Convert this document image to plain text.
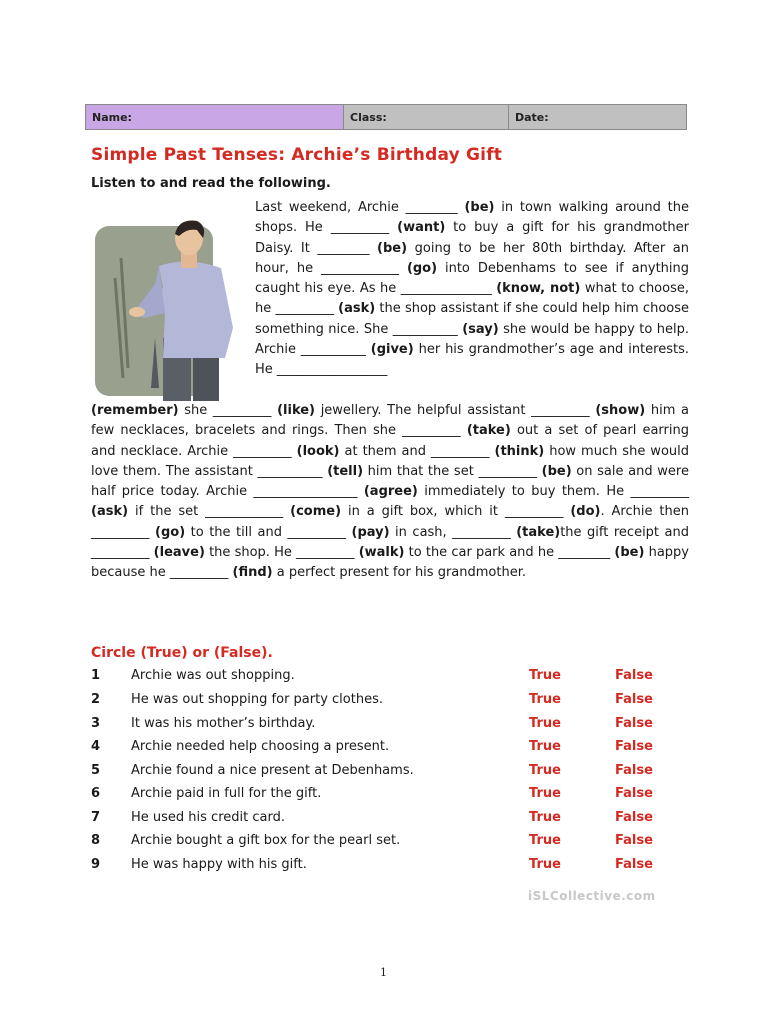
Name:	Class:	Date:
Simple Past Tenses: Archie’s Birthday Gift
Listen to and read the following.
Last weekend, Archie ________ (be) in town walking around the shops. He _________ (want) to buy a gift for his grandmother Daisy. It ________ (be) going to be her 80th birthday. After an hour, he ____________ (go) into Debenhams to see if anything caught his eye. As he ______________ (know, not) what to choose, he _________ (ask) the shop assistant if she could help him choose something nice. She __________ (say) she would be happy to help. Archie __________ (give) her his grandmother’s age and interests. He _________________
(remember) she _________ (like) jewellery. The helpful assistant _________ (show) him a few necklaces, bracelets and rings. Then she _________ (take) out a set of pearl earring and necklace. Archie _________ (look) at them and _________ (think) how much she would love them. The assistant __________ (tell) him that the set _________ (be) on sale and were half price today. Archie ________________ (agree) immediately to buy them. He _________ (ask) if the set ____________ (come) in a gift box, which it _________ (do). Archie then _________ (go) to the till and _________ (pay) in cash, _________ (take)the gift receipt and _________ (leave) the shop. He _________ (walk) to the car park and he ________ (be) happy because he _________ (find) a perfect present for his grandmother.
Circle (True) or (False).
1 Archie was out shopping.	True	False
2 He was out shopping for party clothes.	True	False
3 It was his mother’s birthday.	True	False
4 Archie needed help choosing a present.	True	False
5 Archie found a nice present at Debenhams.	True	False
6 Archie paid in full for the gift.	True	False
7 He used his credit card.	True	False
8 Archie bought a gift box for the pearl set.	True	False
9 He was happy with his gift.	True	False
iSLCollective.com
1
